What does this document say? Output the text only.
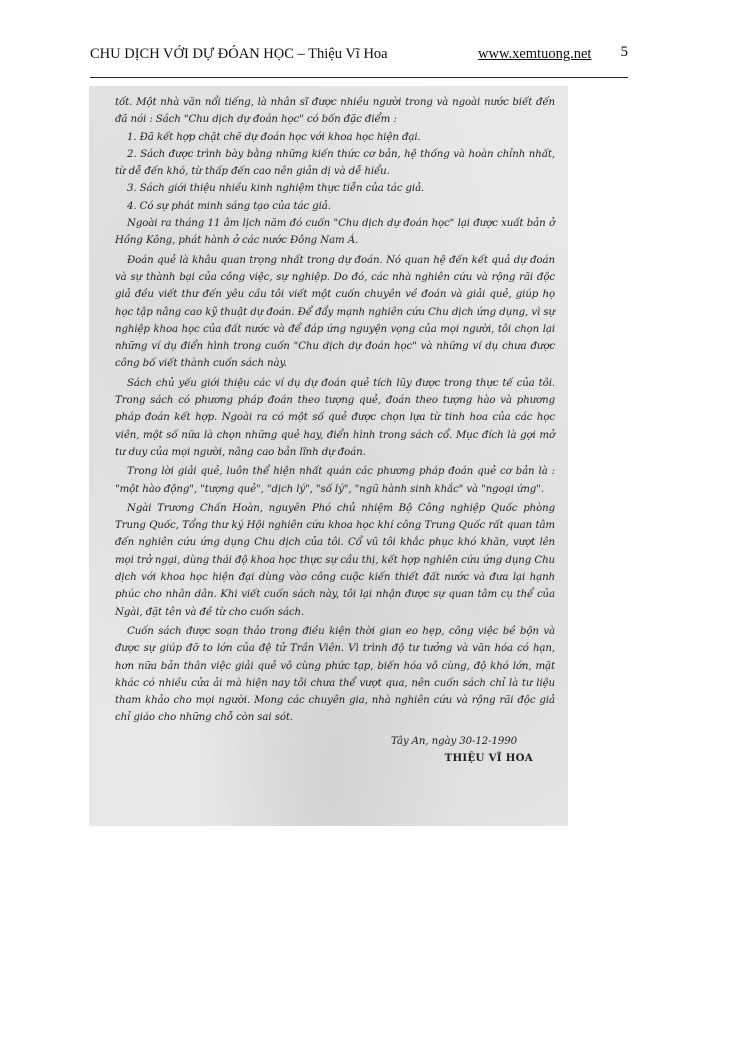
CHU DỊCH VỚI DỰ ĐÓAN HỌC – Thiệu Vĩ Hoa	www.xemtuong.net 5

tốt. Một nhà văn nổi tiếng, là nhân sĩ được nhiều người trong và ngoài nước biết đến đã nói : Sách "Chu dịch dự đoán học" có bốn đặc điểm :

1. Đã kết hợp chặt chẽ dự đoán học với khoa học hiện đại.

2. Sách được trình bày bằng những kiến thức cơ bản, hệ thống và hoàn chỉnh nhất, từ dễ đến khó, từ thấp đến cao nên giản dị và dễ hiểu.

3. Sách giới thiệu nhiều kinh nghiệm thực tiễn của tác giả.

4. Có sự phát minh sáng tạo của tác giả.

Ngoài ra tháng 11 âm lịch năm đó cuốn "Chu dịch dự đoán học" lại được xuất bản ở Hồng Kông, phát hành ở các nước Đông Nam Á.

Đoán quẻ là khâu quan trọng nhất trong dự đoán. Nó quan hệ đến kết quả dự đoán và sự thành bại của công việc, sự nghiệp. Do đó, các nhà nghiên cứu và rộng rãi độc giả đều viết thư đến yêu cầu tôi viết một cuốn chuyên về đoán và giải quẻ, giúp họ học tập nâng cao kỹ thuật dự đoán. Để đẩy mạnh nghiên cứu Chu dịch ứng dụng, vì sự nghiệp khoa học của đất nước và để đáp ứng nguyện vọng của mọi người, tôi chọn lại những ví dụ điển hình trong cuốn "Chu dịch dự đoán học" và những ví dụ chưa được công bố viết thành cuốn sách này.

Sách chủ yếu giới thiệu các ví dụ dự đoán quẻ tích lũy được trong thực tế của tôi. Trong sách có phương pháp đoán theo tượng quẻ, đoán theo tượng hào và phương pháp đoán kết hợp. Ngoài ra có một số quẻ được chọn lựa từ tinh hoa của các học viên, một số nữa là chọn những quẻ hay, điển hình trong sách cổ. Mục đích là gợi mở tư duy của mọi người, nâng cao bản lĩnh dự đoán.

Trong lời giải quẻ, luôn thể hiện nhất quán các phương pháp đoán quẻ cơ bản là : "một hào động", "tượng quẻ", "dịch lý", "số lý", "ngũ hành sinh khắc" và "ngoại ứng".

Ngài Trương Chấn Hoàn, nguyên Phó chủ nhiệm Bộ Công nghiệp Quốc phòng Trung Quốc, Tổng thư ký Hội nghiên cứu khoa học khí công Trung Quốc rất quan tâm đến nghiên cứu ứng dụng Chu dịch của tôi. Cổ vũ tôi khắc phục khó khăn, vượt lên mọi trở ngại, dùng thái độ khoa học thực sự cầu thị, kết hợp nghiên cứu ứng dụng Chu dịch với khoa học hiện đại dùng vào công cuộc kiến thiết đất nước và đưa lại hạnh phúc cho nhân dân. Khi viết cuốn sách này, tôi lại nhận được sự quan tâm cụ thể của Ngài, đặt tên và đề từ cho cuốn sách.

Cuốn sách được soạn thảo trong điều kiện thời gian eo hẹp, công việc bề bộn và được sự giúp đỡ to lớn của đệ tử Trần Viên. Vì trình độ tư tưởng và văn hóa có hạn, hơn nữa bản thân việc giải quẻ vô cùng phức tạp, biến hóa vô cùng, độ khó lớn, mặt khác có nhiều cửa ải mà hiện nay tôi chưa thể vượt qua, nên cuốn sách chỉ là tư liệu tham khảo cho mọi người. Mong các chuyên gia, nhà nghiên cứu và rộng rãi độc giả chỉ giáo cho những chỗ còn sai sót.

Tây An, ngày 30-12-1990
THIỆU VĨ HOA
